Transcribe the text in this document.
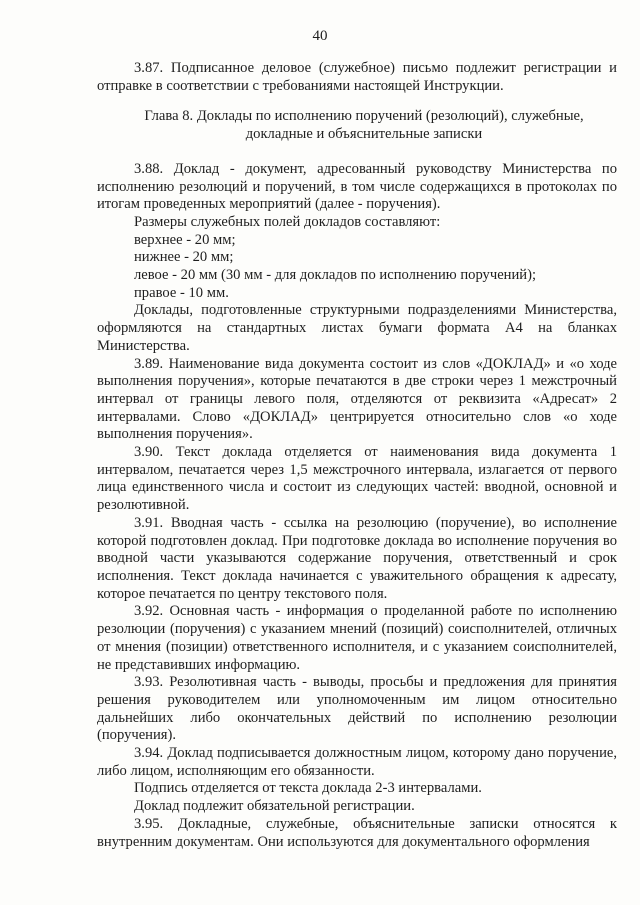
40

3.87. Подписанное деловое (служебное) письмо подлежит регистрации и отправке в соответствии с требованиями настоящей Инструкции.

Глава 8. Доклады по исполнению поручений (резолюций), служебные, докладные и объяснительные записки

3.88. Доклад - документ, адресованный руководству Министерства по исполнению резолюций и поручений, в том числе содержащихся в протоколах по итогам проведенных мероприятий (далее - поручения).

Размеры служебных полей докладов составляют:

верхнее - 20 мм;

нижнее - 20 мм;

левое - 20 мм (30 мм - для докладов по исполнению поручений);

правое - 10 мм.

Доклады, подготовленные структурными подразделениями Министерства, оформляются на стандартных листах бумаги формата А4 на бланках Министерства.

3.89. Наименование вида документа состоит из слов «ДОКЛАД» и «о ходе выполнения поручения», которые печатаются в две строки через 1 межстрочный интервал от границы левого поля, отделяются от реквизита «Адресат» 2 интервалами. Слово «ДОКЛАД» центрируется относительно слов «о ходе выполнения поручения».

3.90. Текст доклада отделяется от наименования вида документа 1 интервалом, печатается через 1,5 межстрочного интервала, излагается от первого лица единственного числа и состоит из следующих частей: вводной, основной и резолютивной.

3.91. Вводная часть - ссылка на резолюцию (поручение), во исполнение которой подготовлен доклад. При подготовке доклада во исполнение поручения во вводной части указываются содержание поручения, ответственный и срок исполнения. Текст доклада начинается с уважительного обращения к адресату, которое печатается по центру текстового поля.

3.92. Основная часть - информация о проделанной работе по исполнению резолюции (поручения) с указанием мнений (позиций) соисполнителей, отличных от мнения (позиции) ответственного исполнителя, и с указанием соисполнителей, не представивших информацию.

3.93. Резолютивная часть - выводы, просьбы и предложения для принятия решения руководителем или уполномоченным им лицом относительно дальнейших либо окончательных действий по исполнению резолюции (поручения).

3.94. Доклад подписывается должностным лицом, которому дано поручение, либо лицом, исполняющим его обязанности.

Подпись отделяется от текста доклада 2-3 интервалами.

Доклад подлежит обязательной регистрации.

3.95. Докладные, служебные, объяснительные записки относятся к внутренним документам. Они используются для документального оформления
